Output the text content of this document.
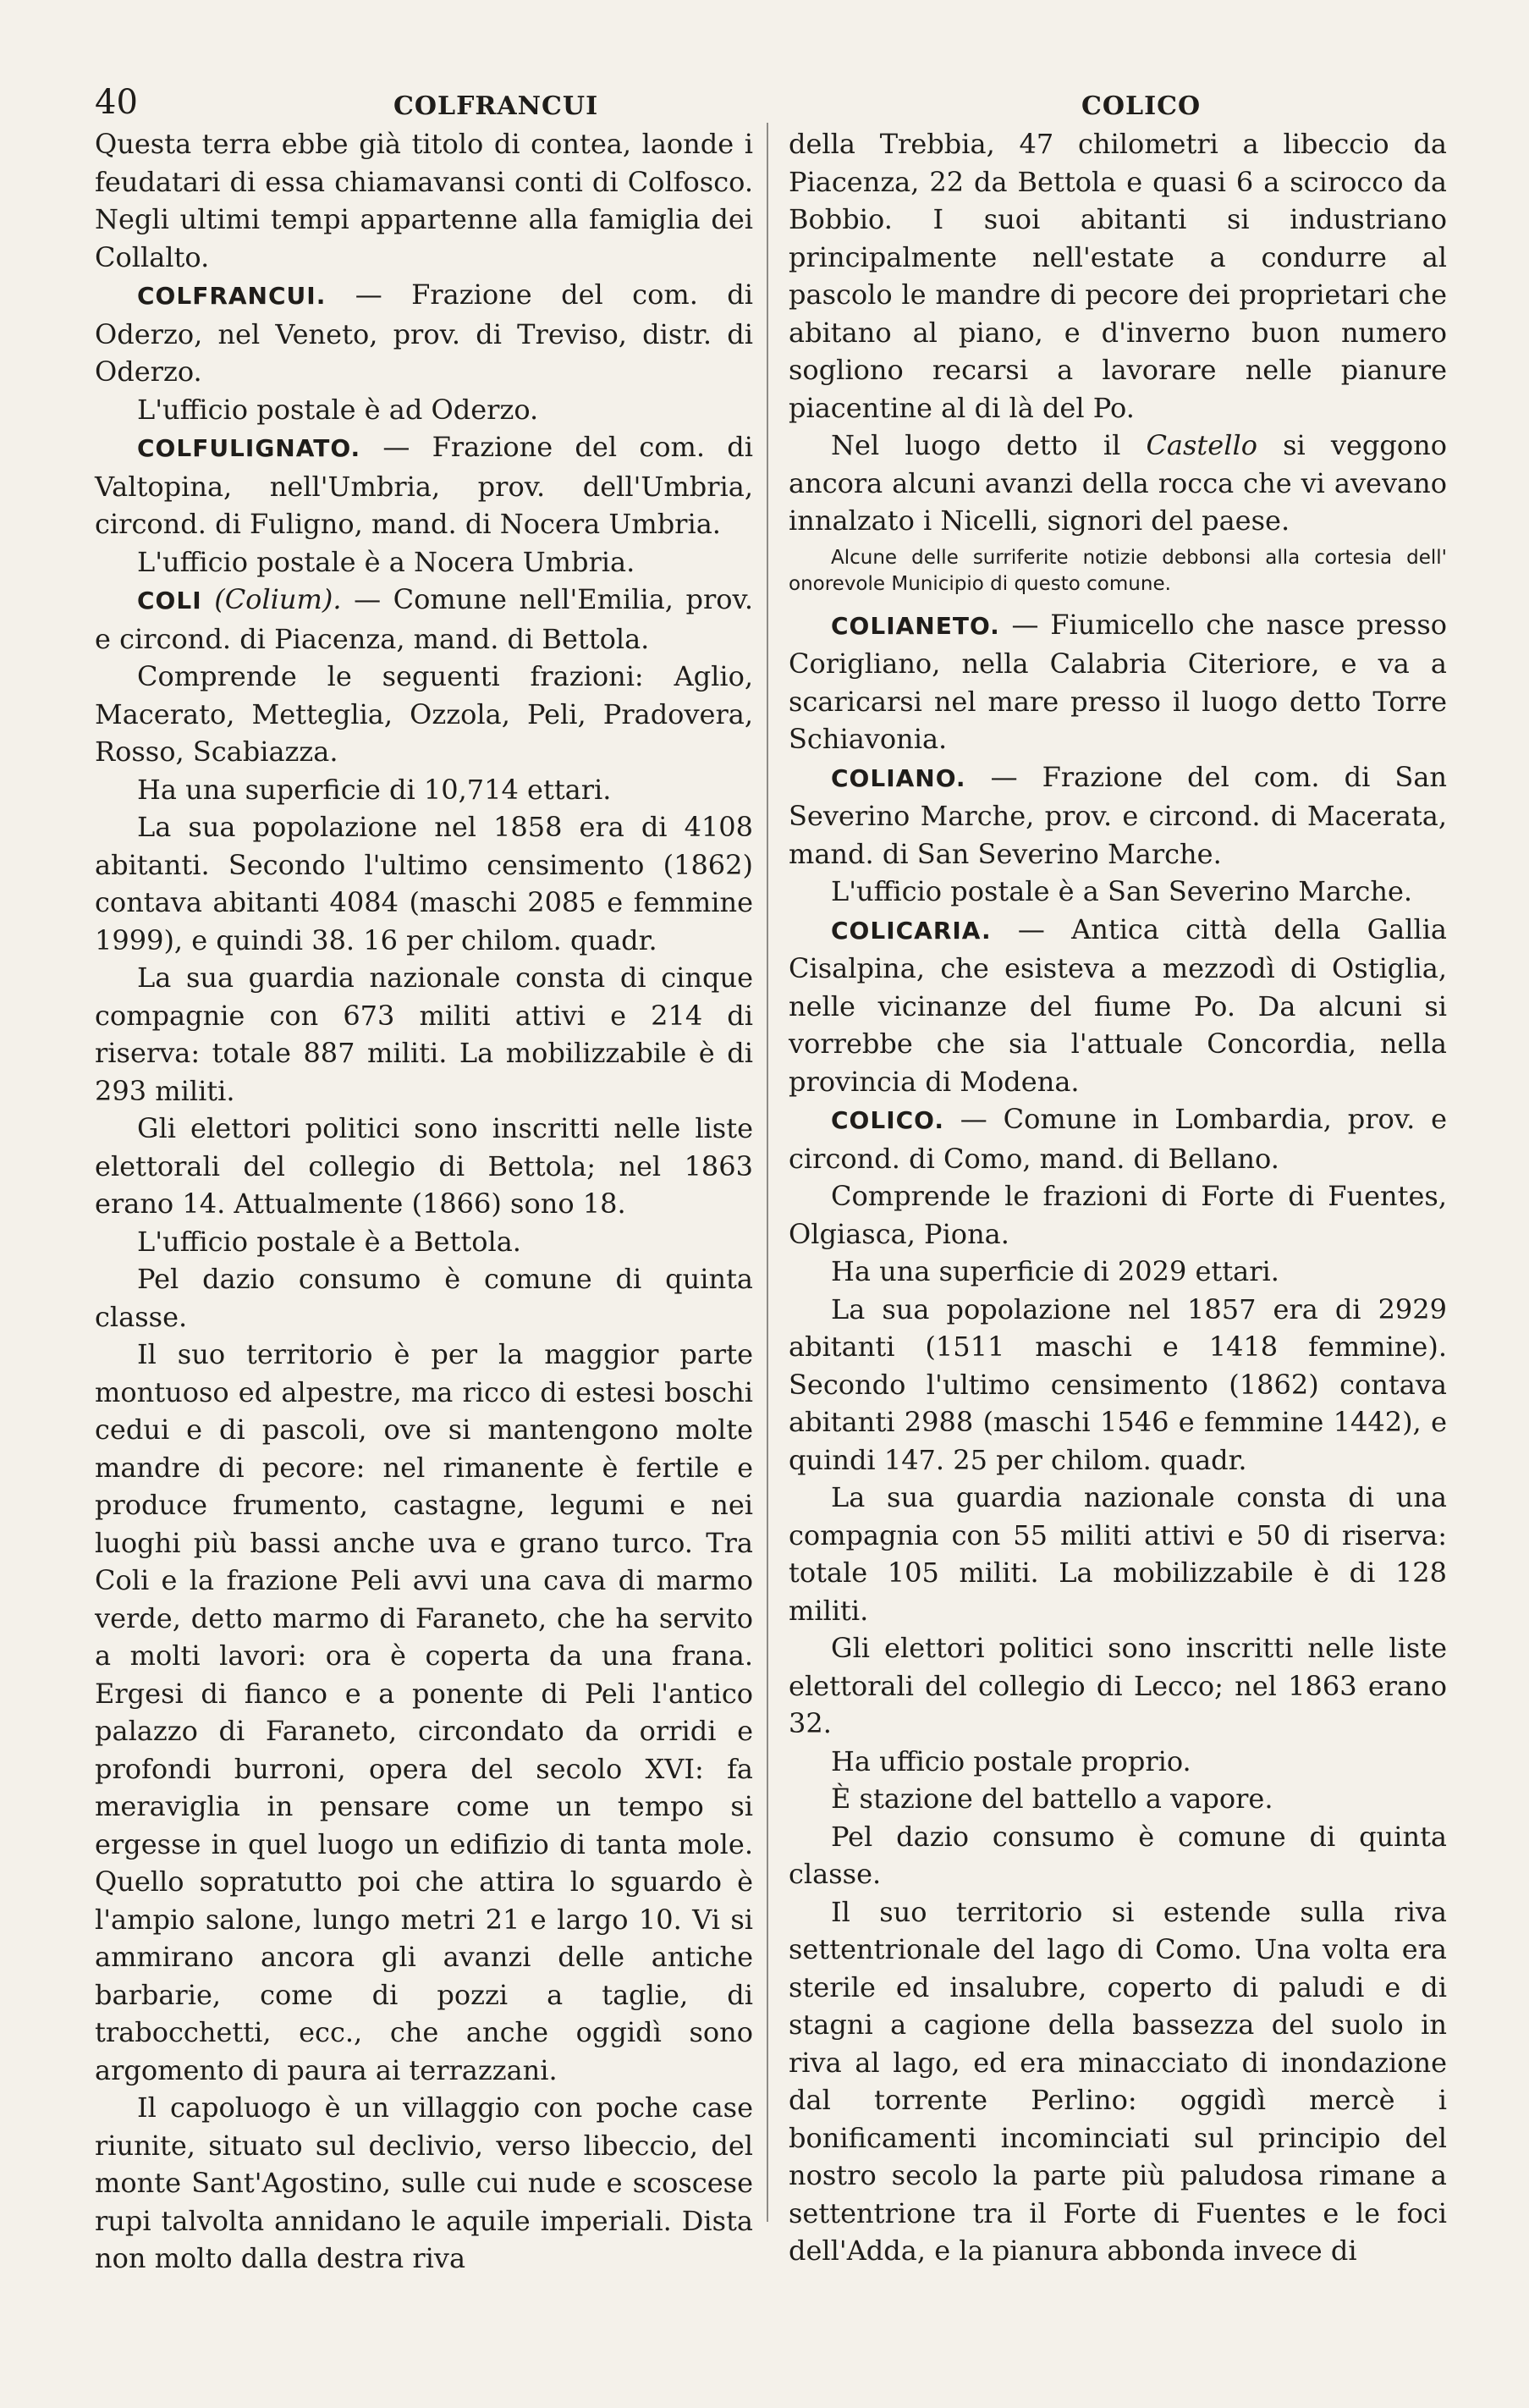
40	COLFRANCUI	COLICO

Questa terra ebbe già titolo di contea, laonde i feudatari di essa chiamavansi conti di Colfosco. Negli ultimi tempi appartenne alla famiglia dei Collalto.

COLFRANCUI. — Frazione del com. di Oderzo, nel Veneto, prov. di Treviso, distr. di Oderzo.

L'ufficio postale è ad Oderzo.

COLFULIGNATO. — Frazione del com. di Valtopina, nell'Umbria, prov. dell'Umbria, circond. di Fuligno, mand. di Nocera Umbria.

L'ufficio postale è a Nocera Umbria.

COLI (Colium). — Comune nell'Emilia, prov. e circond. di Piacenza, mand. di Bettola.

Comprende le seguenti frazioni: Aglio, Macerato, Metteglia, Ozzola, Peli, Pradovera, Rosso, Scabiazza.

Ha una superficie di 10,714 ettari.

La sua popolazione nel 1858 era di 4108 abitanti. Secondo l'ultimo censimento (1862) contava abitanti 4084 (maschi 2085 e femmine 1999), e quindi 38. 16 per chilom. quadr.

La sua guardia nazionale consta di cinque compagnie con 673 militi attivi e 214 di riserva: totale 887 militi. La mobilizzabile è di 293 militi.

Gli elettori politici sono inscritti nelle liste elettorali del collegio di Bettola; nel 1863 erano 14. Attualmente (1866) sono 18.

L'ufficio postale è a Bettola.

Pel dazio consumo è comune di quinta classe.

Il suo territorio è per la maggior parte montuoso ed alpestre, ma ricco di estesi boschi cedui e di pascoli, ove si mantengono molte mandre di pecore: nel rimanente è fertile e produce frumento, castagne, legumi e nei luoghi più bassi anche uva e grano turco. Tra Coli e la frazione Peli avvi una cava di marmo verde, detto marmo di Faraneto, che ha servito a molti lavori: ora è coperta da una frana. Ergesi di fianco e a ponente di Peli l'antico palazzo di Faraneto, circondato da orridi e profondi burroni, opera del secolo XVI: fa meraviglia in pensare come un tempo si ergesse in quel luogo un edifizio di tanta mole. Quello sopratutto poi che attira lo sguardo è l'ampio salone, lungo metri 21 e largo 10. Vi si ammirano ancora gli avanzi delle antiche barbarie, come di pozzi a taglie, di trabocchetti, ecc., che anche oggidì sono argomento di paura ai terrazzani.

Il capoluogo è un villaggio con poche case riunite, situato sul declivio, verso libeccio, del monte Sant'Agostino, sulle cui nude e scoscese rupi talvolta annidano le aquile imperiali. Dista non molto dalla destra riva

della Trebbia, 47 chilometri a libeccio da Piacenza, 22 da Bettola e quasi 6 a scirocco da Bobbio. I suoi abitanti si industriano principalmente nell'estate a condurre al pascolo le mandre di pecore dei proprietari che abitano al piano, e d'inverno buon numero sogliono recarsi a lavorare nelle pianure piacentine al di là del Po.

Nel luogo detto il Castello si veggono ancora alcuni avanzi della rocca che vi avevano innalzato i Nicelli, signori del paese.

Alcune delle surriferite notizie debbonsi alla cortesia dell' onorevole Municipio di questo comune.

COLIANETO. — Fiumicello che nasce presso Corigliano, nella Calabria Citeriore, e va a scaricarsi nel mare presso il luogo detto Torre Schiavonia.

COLIANO. — Frazione del com. di San Severino Marche, prov. e circond. di Macerata, mand. di San Severino Marche.

L'ufficio postale è a San Severino Marche.

COLICARIA. — Antica città della Gallia Cisalpina, che esisteva a mezzodì di Ostiglia, nelle vicinanze del fiume Po. Da alcuni si vorrebbe che sia l'attuale Concordia, nella provincia di Modena.

COLICO. — Comune in Lombardia, prov. e circond. di Como, mand. di Bellano.

Comprende le frazioni di Forte di Fuentes, Olgiasca, Piona.

Ha una superficie di 2029 ettari.

La sua popolazione nel 1857 era di 2929 abitanti (1511 maschi e 1418 femmine). Secondo l'ultimo censimento (1862) contava abitanti 2988 (maschi 1546 e femmine 1442), e quindi 147. 25 per chilom. quadr.

La sua guardia nazionale consta di una compagnia con 55 militi attivi e 50 di riserva: totale 105 militi. La mobilizzabile è di 128 militi.

Gli elettori politici sono inscritti nelle liste elettorali del collegio di Lecco; nel 1863 erano 32.

Ha ufficio postale proprio.

È stazione del battello a vapore.

Pel dazio consumo è comune di quinta classe.

Il suo territorio si estende sulla riva settentrionale del lago di Como. Una volta era sterile ed insalubre, coperto di paludi e di stagni a cagione della bassezza del suolo in riva al lago, ed era minacciato di inondazione dal torrente Perlino: oggidì mercè i bonificamenti incominciati sul principio del nostro secolo la parte più paludosa rimane a settentrione tra il Forte di Fuentes e le foci dell'Adda, e la pianura abbonda invece di
